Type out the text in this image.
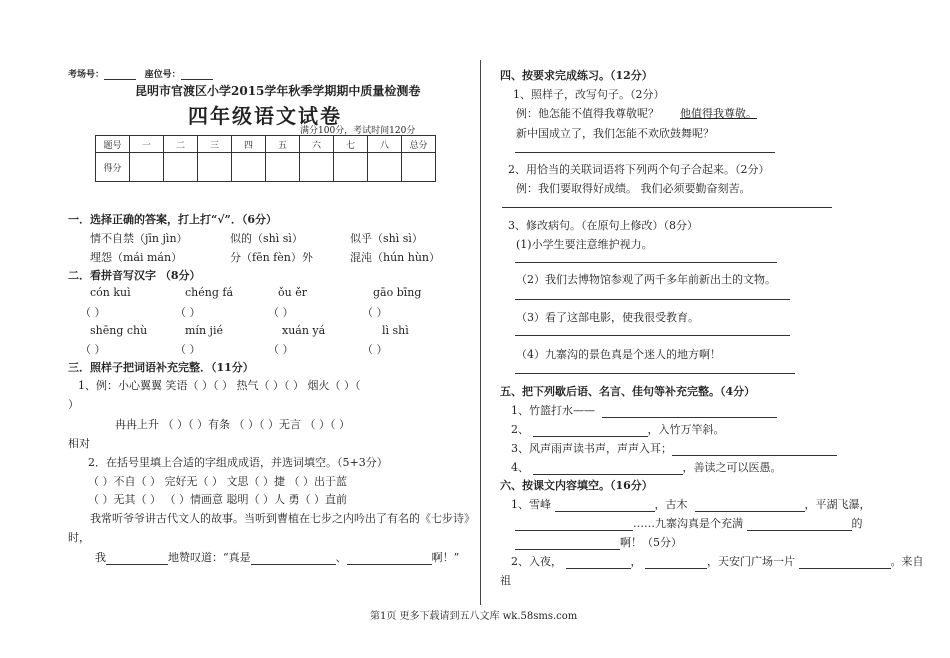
考场号：	座位号：
昆明市官渡区小学2015学年秋季学期期中质量检测卷
四年级语文试卷
满分100分，考试时间120分
题号	一	二	三	四	五	六	七	八	总分
得分									
一．选择正确的答案，打上打“√”．（6分）
情不自禁（jīn jìn）	似的（shì sì）	似乎（shì sì）
埋怨（mái mán）	分（fēn fèn）外	混沌（hún hùn）
二．看拼音写汉字 （8分）
cón kuì	chéng fá	ǒu ěr	gāo bīng
（ ）	（ ）	（ ）	（ ）
shēng chù	mín jié	xuán yá	lì shì
（ ）	（ ）	（ ）	（ ）
三．照样子把词语补充完整．（11分）
1、例：小心翼翼 笑语（ ）（ ） 热气（ ）（ ） 烟火（ ）（
）
冉冉上升 （ ）（ ）有条 （ ）（ ）无言 （ ）（ ）
相对
2．在括号里填上合适的字组成成语，并选词填空。（5+3分）
（ ）不自（ ） 完好无（ ） 文思（ ）捷 （ ）出于蓝
（ ）无其（ ） （ ）情画意 聪明（ ）人 勇（ ）直前
我常听爷爷讲古代文人的故事。当听到曹植在七步之内吟出了有名的《七步诗》
时，
我	地赞叹道：“真是	、	啊！”
四、按要求完成练习。（12分）
1、照样子，改写句子。（2分）
例：他怎能不值得我尊敬呢？ 他值得我尊敬。
新中国成立了，我们怎能不欢欣鼓舞呢？
2、用恰当的关联词语将下列两个句子合起来。（2分）
例：我们要取得好成绩。 我们必须要勤奋刻苦。
3、修改病句。（在原句上修改）（8分）
(1)小学生要注意维护视力。
（2）我们去博物馆参观了两千多年前新出土的文物。
（3）看了这部电影，使我很受教育。
（4）九寨沟的景色真是个迷人的地方啊！
五、把下列歇后语、名言、佳句等补充完整。（4分）
1、竹篮打水——
2、	，入竹万竿斜。
3、风声雨声读书声，声声入耳；
4、	，善读之可以医愚。
六、按课文内容填空。（16分）
1、雪峰	，古木	，平湖飞瀑，
……九寨沟真是个充满	的
啊！（5分）
2、入夜，	，	，天安门广场一片	。来自
祖
第1页 更多下载请到五八文库 wk.58sms.com
